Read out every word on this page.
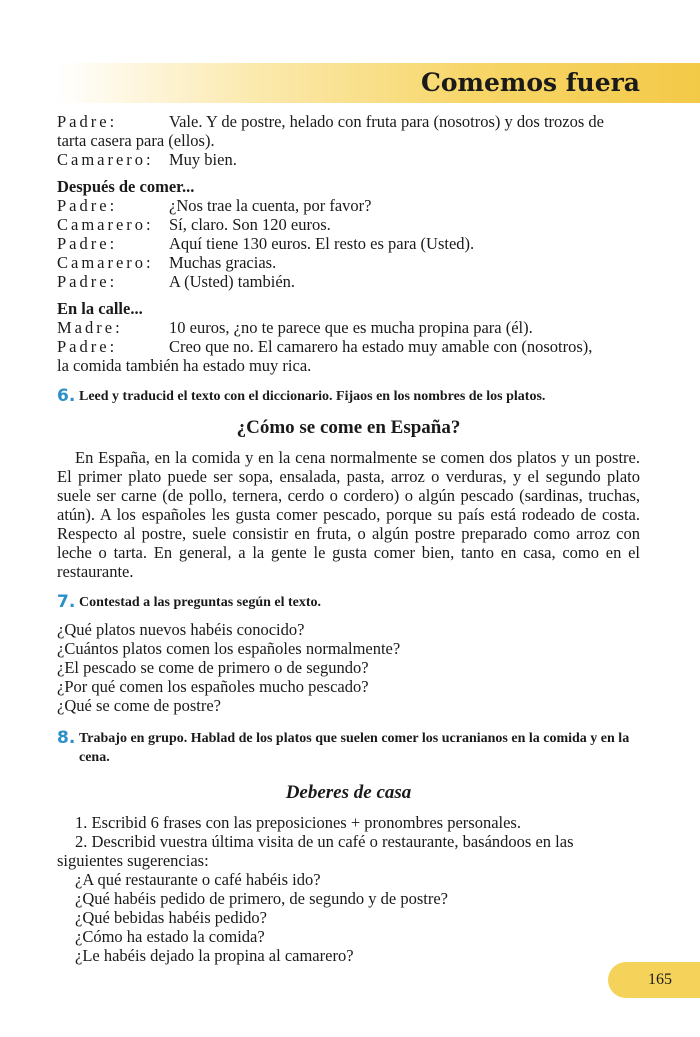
Comemos fuera
Padre:	Vale. Y de postre, helado con fruta para (nosotros) y dos trozos de

tarta casera para (ellos).

Camarero: Muy bien.

Después de comer...

Padre:	¿Nos trae la cuenta, por favor?
Camarero: Sí, claro. Son 120 euros.
Padre:	Aquí tiene 130 euros. El resto es para (Usted).
Camarero: Muchas gracias.
Padre:	A (Usted) también.

En la calle...

Madre:	10 euros, ¿no te parece que es mucha propina para (él).
Padre:	Creo que no. El camarero ha estado muy amable con (nosotros),

la comida también ha estado muy rica.

6. Leed y traducid el texto con el diccionario. Fijaos en los nombres de los platos.
¿Cómo se come en España?

En España, en la comida y en la cena normalmente se comen dos platos y un postre. El primer plato puede ser sopa, ensalada, pasta, arroz o verduras, y el segundo plato suele ser carne (de pollo, ternera, cerdo o cordero) o algún pescado (sardinas, truchas, atún). A los españoles les gusta comer pescado, porque su país está rodeado de costa. Respecto al postre, suele consistir en fruta, o algún postre preparado como arroz con leche o tarta. En general, a la gente le gusta comer bien, tanto en casa, como en el restaurante.

7. Contestad a las preguntas según el texto.

¿Qué platos nuevos habéis conocido?

¿Cuántos platos comen los españoles normalmente?

¿El pescado se come de primero o de segundo?

¿Por qué comen los españoles mucho pescado?

¿Qué se come de postre?

8. Trabajo en grupo. Hablad de los platos que suelen comer los ucranianos en la comida y en la cena.
Deberes de casa

1. Escribid 6 frases con las preposiciones + pronombres personales.

2. Describid vuestra última visita de un café o restaurante, basándoos en las siguientes sugerencias:

¿A qué restaurante o café habéis ido?

¿Qué habéis pedido de primero, de segundo y de postre?

¿Qué bebidas habéis pedido?

¿Cómo ha estado la comida?

¿Le habéis dejado la propina al camarero?

165
